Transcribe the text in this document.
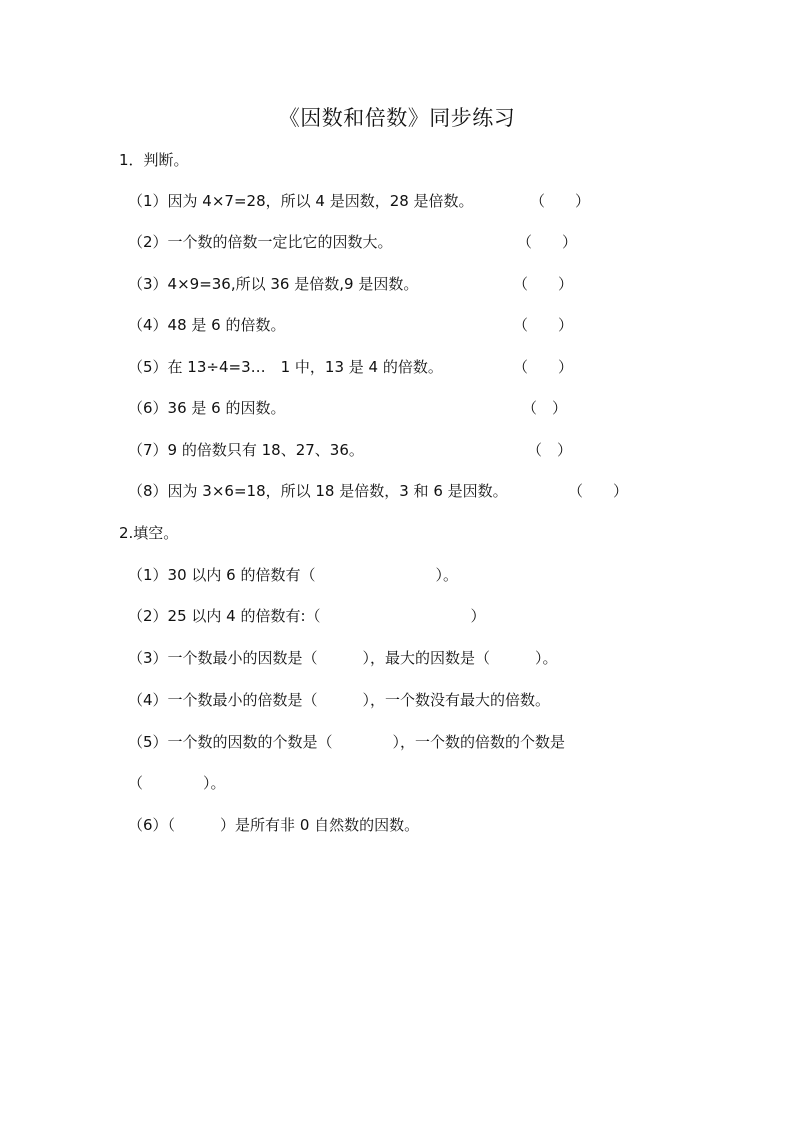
《因数和倍数》同步练习
1．判断。
（1）因为 4×7=28，所以 4 是因数，28 是倍数。	（　　）
（2）一个数的倍数一定比它的因数大。	（　　）
（3）4×9=36,所以 36 是倍数,9 是因数。	（　　）
（4）48 是 6 的倍数。	（　　）
（5）在 13÷4=3…　1 中，13 是 4 的倍数。	（　　）
（6）36 是 6 的因数。	（　）
（7）9 的倍数只有 18、27、36。	（　）
（8）因为 3×6=18，所以 18 是倍数，3 和 6 是因数。	（　　）
2.填空。
（1）30 以内 6 的倍数有（　　　　　　　　）。
（2）25 以内 4 的倍数有:（　　　　　　　　　　）
（3）一个数最小的因数是（　　　），最大的因数是（　　　）。
（4）一个数最小的倍数是（　　　），一个数没有最大的倍数。
（5）一个数的因数的个数是（　　　　），一个数的倍数的个数是
（　　　　）。
（6）（　　　）是所有非 0 自然数的因数。
